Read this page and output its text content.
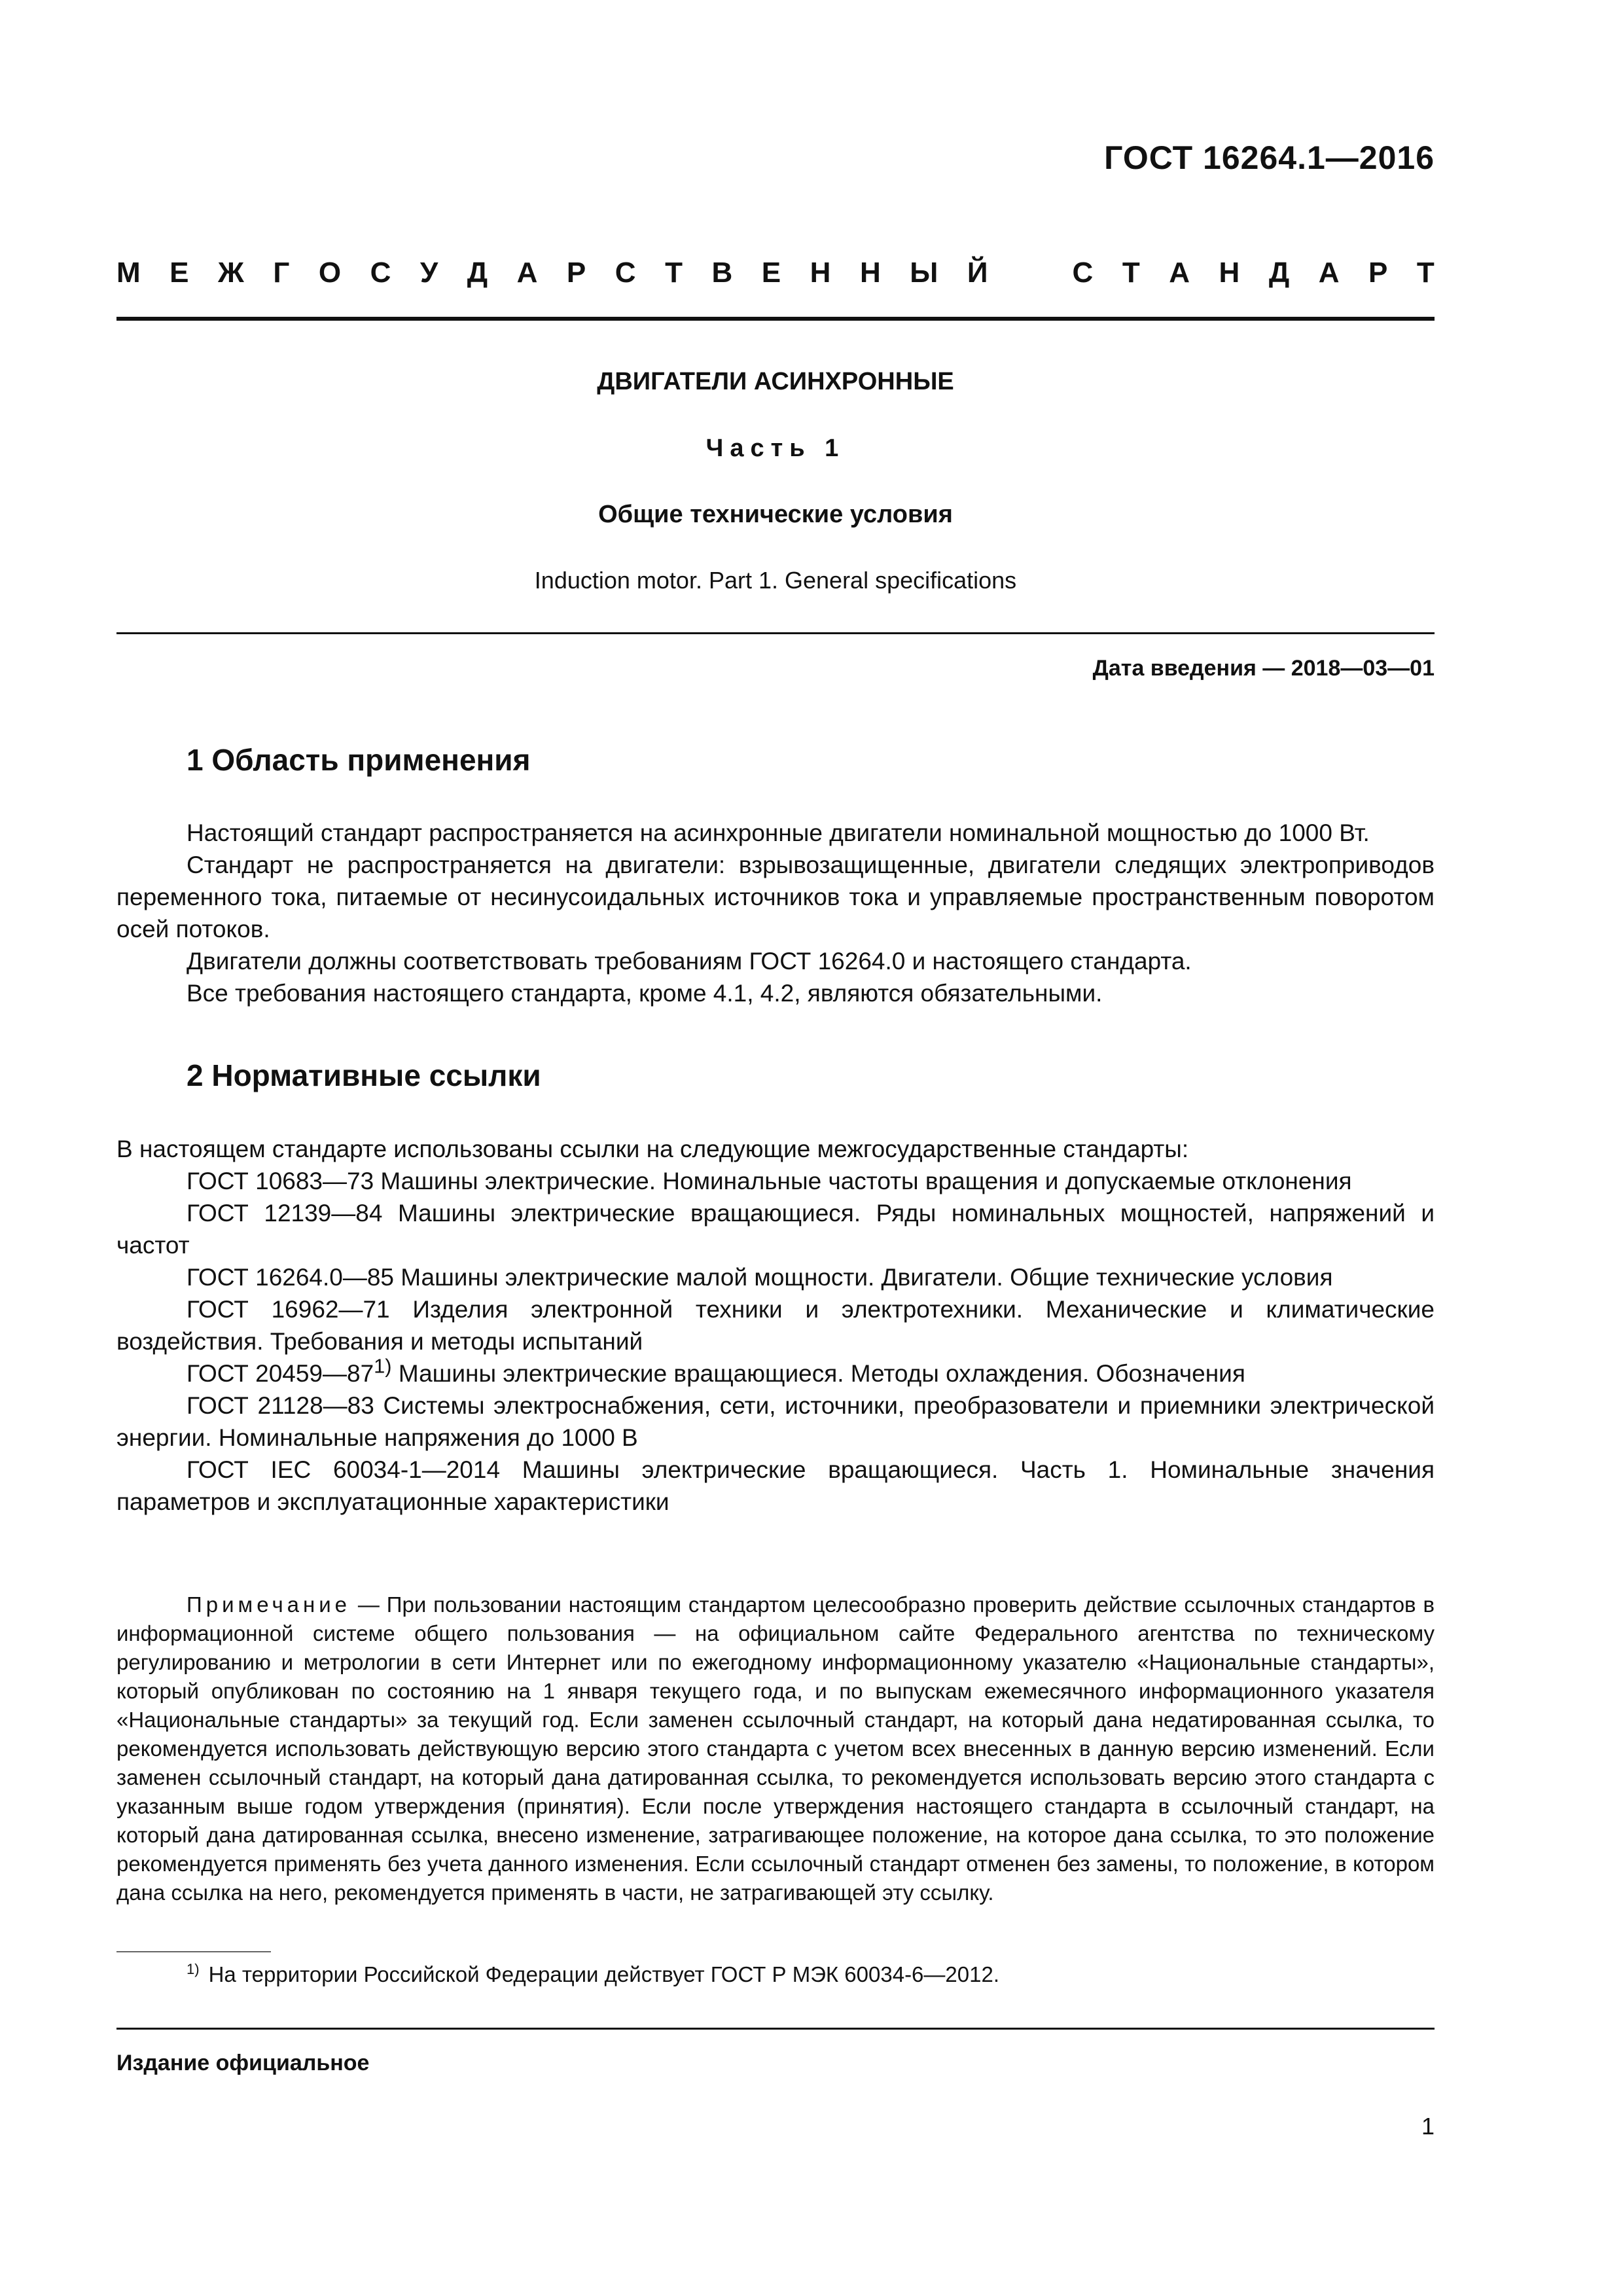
ГОСТ 16264.1—2016
М Е Ж Г О С У Д А Р С Т В Е Н Н Ы Й	С Т А Н Д А Р Т
ДВИГАТЕЛИ АСИНХРОННЫЕ
Часть 1
Общие технические условия
Induction motor. Part 1. General specifications
Дата введения — 2018—03—01
1 Область применения

Настоящий стандарт распространяется на асинхронные двигатели номинальной мощностью до 1000 Вт.

Стандарт не распространяется на двигатели: взрывозащищенные, двигатели следящих электроприводов переменного тока, питаемые от несинусоидальных источников тока и управляемые пространственным поворотом осей потоков.

Двигатели должны соответствовать требованиям ГОСТ 16264.0 и настоящего стандарта.

Все требования настоящего стандарта, кроме 4.1, 4.2, являются обязательными.

2 Нормативные ссылки

В настоящем стандарте использованы ссылки на следующие межгосударственные стандарты:

ГОСТ 10683—73 Машины электрические. Номинальные частоты вращения и допускаемые отклонения

ГОСТ 12139—84 Машины электрические вращающиеся. Ряды номинальных мощностей, напряжений и частот

ГОСТ 16264.0—85 Машины электрические малой мощности. Двигатели. Общие технические условия

ГОСТ 16962—71 Изделия электронной техники и электротехники. Механические и климатические воздействия. Требования и методы испытаний

ГОСТ 20459—87$^{1)}$ Машины электрические вращающиеся. Методы охлаждения. Обозначения

ГОСТ 21128—83 Системы электроснабжения, сети, источники, преобразователи и приемники электрической энергии. Номинальные напряжения до 1000 В

ГОСТ IEC 60034-1—2014 Машины электрические вращающиеся. Часть 1. Номинальные значения параметров и эксплуатационные характеристики

Примечание — При пользовании настоящим стандартом целесообразно проверить действие ссылочных стандартов в информационной системе общего пользования — на официальном сайте Федерального агентства по техническому регулированию и метрологии в сети Интернет или по ежегодному информационному указателю «Национальные стандарты», который опубликован по состоянию на 1 января текущего года, и по выпускам ежемесячного информационного указателя «Национальные стандарты» за текущий год. Если заменен ссылочный стандарт, на который дана недатированная ссылка, то рекомендуется использовать действующую версию этого стандарта с учетом всех внесенных в данную версию изменений. Если заменен ссылочный стандарт, на который дана датированная ссылка, то рекомендуется использовать версию этого стандарта с указанным выше годом утверждения (принятия). Если после утверждения настоящего стандарта в ссылочный стандарт, на который дана датированная ссылка, внесено изменение, затрагивающее положение, на которое дана ссылка, то это положение рекомендуется применять без учета данного изменения. Если ссылочный стандарт отменен без замены, то положение, в котором дана ссылка на него, рекомендуется применять в части, не затрагивающей эту ссылку.

$^{1)}$ На территории Российской Федерации действует ГОСТ Р МЭК 60034-6—2012.
Издание официальное
1
